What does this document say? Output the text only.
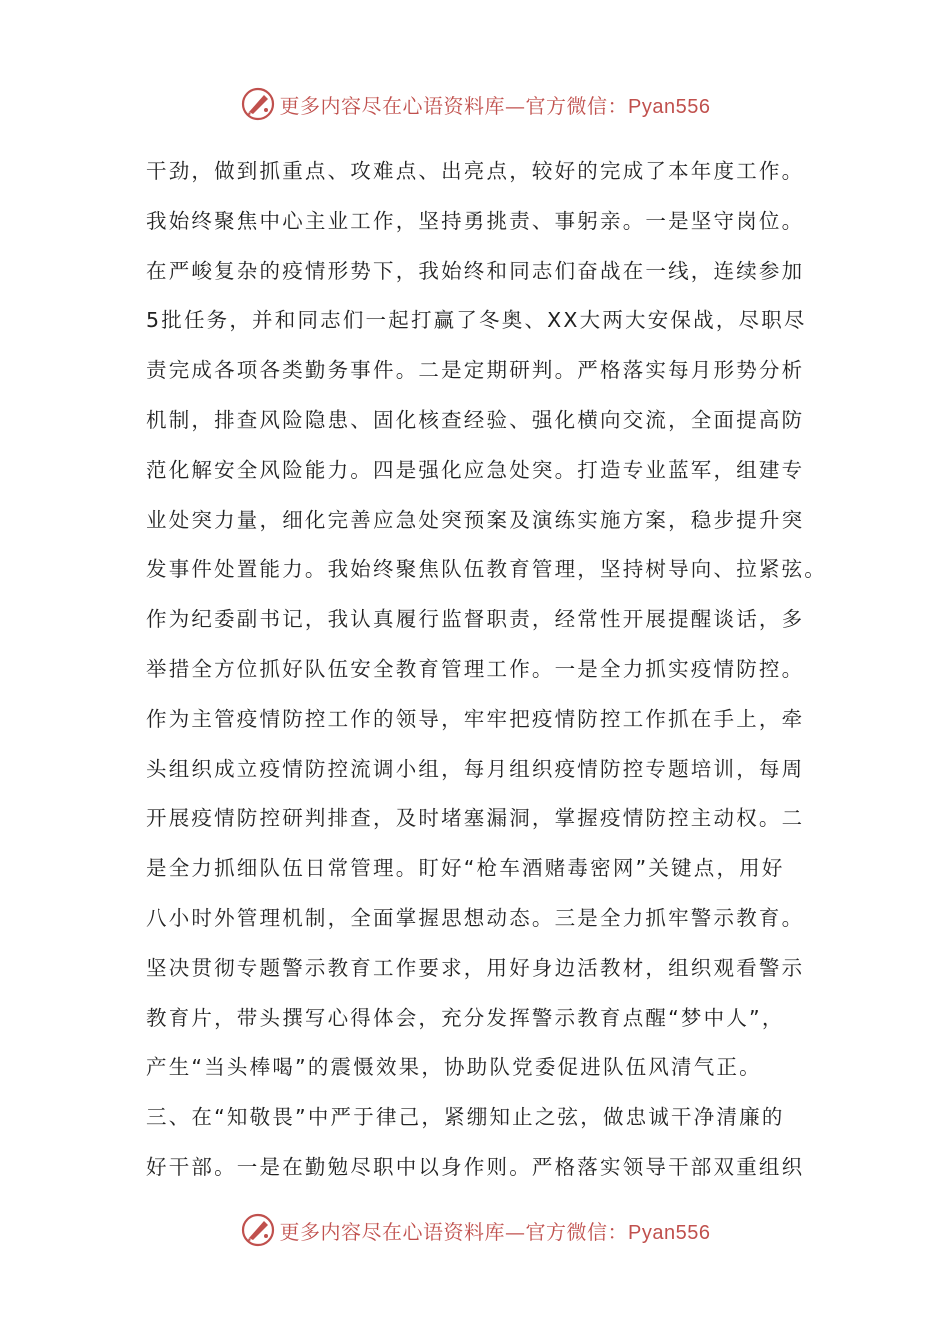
更多内容尽在心语资料库—官方微信：Pyan556
干劲，做到抓重点、攻难点、出亮点，较好的完成了本年度工作。
我始终聚焦中心主业工作，坚持勇挑责、事躬亲。一是坚守岗位。
在严峻复杂的疫情形势下，我始终和同志们奋战在一线，连续参加
5批任务，并和同志们一起打赢了冬奥、XX大两大安保战，尽职尽
责完成各项各类勤务事件。二是定期研判。严格落实每月形势分析
机制，排查风险隐患、固化核查经验、强化横向交流，全面提高防
范化解安全风险能力。四是强化应急处突。打造专业蓝军，组建专
业处突力量，细化完善应急处突预案及演练实施方案，稳步提升突
发事件处置能力。我始终聚焦队伍教育管理，坚持树导向、拉紧弦。
作为纪委副书记，我认真履行监督职责，经常性开展提醒谈话，多
举措全方位抓好队伍安全教育管理工作。一是全力抓实疫情防控。
作为主管疫情防控工作的领导，牢牢把疫情防控工作抓在手上，牵
头组织成立疫情防控流调小组，每月组织疫情防控专题培训，每周
开展疫情防控研判排查，及时堵塞漏洞，掌握疫情防控主动权。二
是全力抓细队伍日常管理。盯好“枪车酒赌毒密网”关键点，用好
八小时外管理机制，全面掌握思想动态。三是全力抓牢警示教育。
坚决贯彻专题警示教育工作要求，用好身边活教材，组织观看警示
教育片，带头撰写心得体会，充分发挥警示教育点醒“梦中人”，
产生“当头棒喝”的震慑效果，协助队党委促进队伍风清气正。
三、在“知敬畏”中严于律己，紧绷知止之弦，做忠诚干净清廉的
好干部。一是在勤勉尽职中以身作则。严格落实领导干部双重组织
更多内容尽在心语资料库—官方微信：Pyan556
